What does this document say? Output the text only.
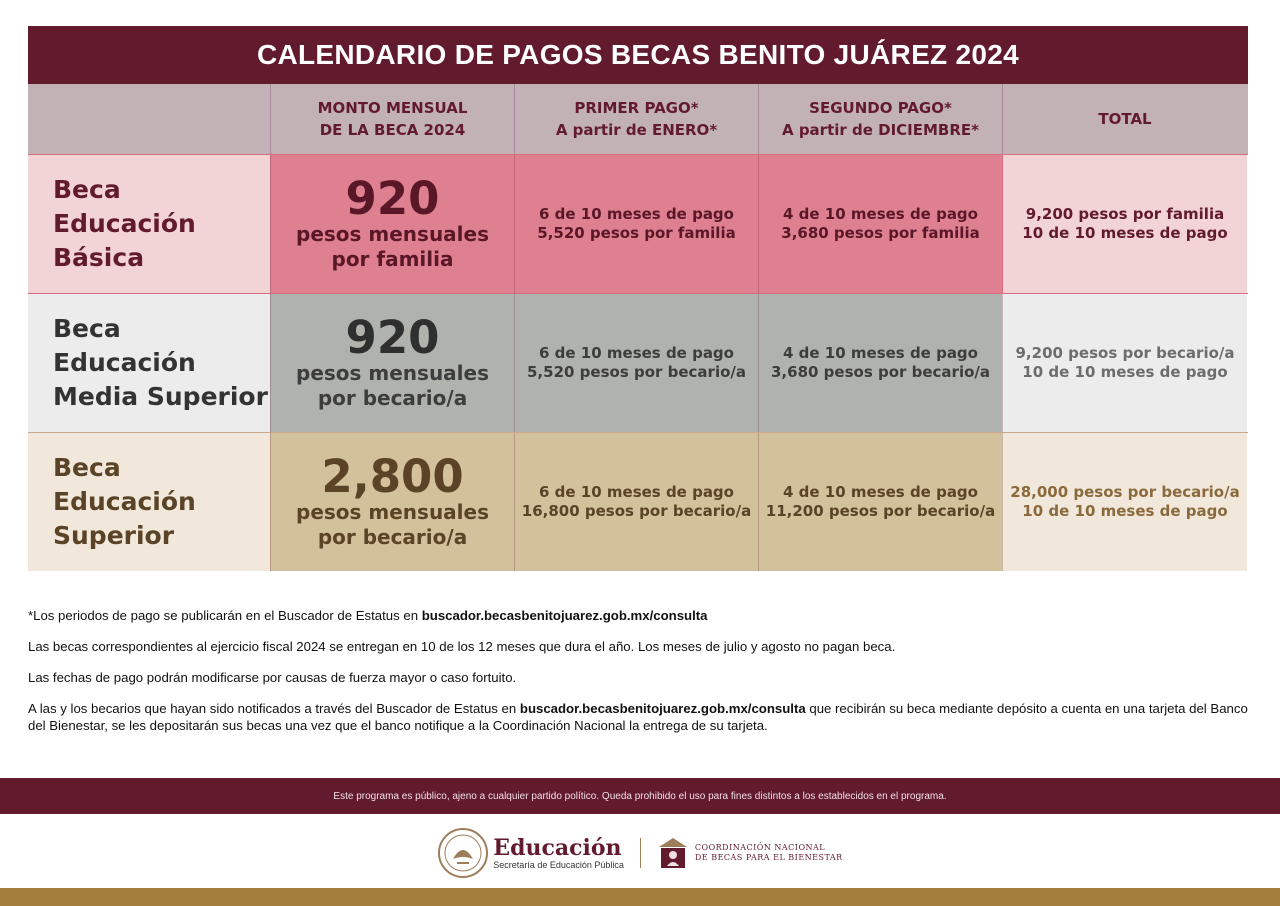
CALENDARIO DE PAGOS BECAS BENITO JUÁREZ 2024
MONTO MENSUAL
DE LA BECA 2024
PRIMER PAGO*
A partir de ENERO*
SEGUNDO PAGO*
A partir de DICIEMBRE*
TOTAL
Beca
Educación
Básica
920
pesos mensuales
por familia
6 de 10 meses de pago
5,520 pesos por familia
4 de 10 meses de pago
3,680 pesos por familia
9,200 pesos por familia
10 de 10 meses de pago
Beca
Educación
Media Superior
920
pesos mensuales
por becario/a
6 de 10 meses de pago
5,520 pesos por becario/a
4 de 10 meses de pago
3,680 pesos por becario/a
9,200 pesos por becario/a
10 de 10 meses de pago
Beca
Educación
Superior
2,800
pesos mensuales
por becario/a
6 de 10 meses de pago
16,800 pesos por becario/a
4 de 10 meses de pago
11,200 pesos por becario/a
28,000 pesos por becario/a
10 de 10 meses de pago

*Los periodos de pago se publicarán en el Buscador de Estatus en buscador.becasbenitojuarez.gob.mx/consulta

Las becas correspondientes al ejercicio fiscal 2024 se entregan en 10 de los 12 meses que dura el año. Los meses de julio y agosto no pagan beca.

Las fechas de pago podrán modificarse por causas de fuerza mayor o caso fortuito.

A las y los becarios que hayan sido notificados a través del Buscador de Estatus en buscador.becasbenitojuarez.gob.mx/consulta que recibirán su beca mediante depósito a cuenta en una tarjeta del Banco del Bienestar, se les depositarán sus becas una vez que el banco notifique a la Coordinación Nacional la entrega de su tarjeta.

Este programa es público, ajeno a cualquier partido político. Queda prohibido el uso para fines distintos a los establecidos en el programa.
Educación
Secretaría de Educación Pública
COORDINACIÓN NACIONAL
DE BECAS PARA EL BIENESTAR
